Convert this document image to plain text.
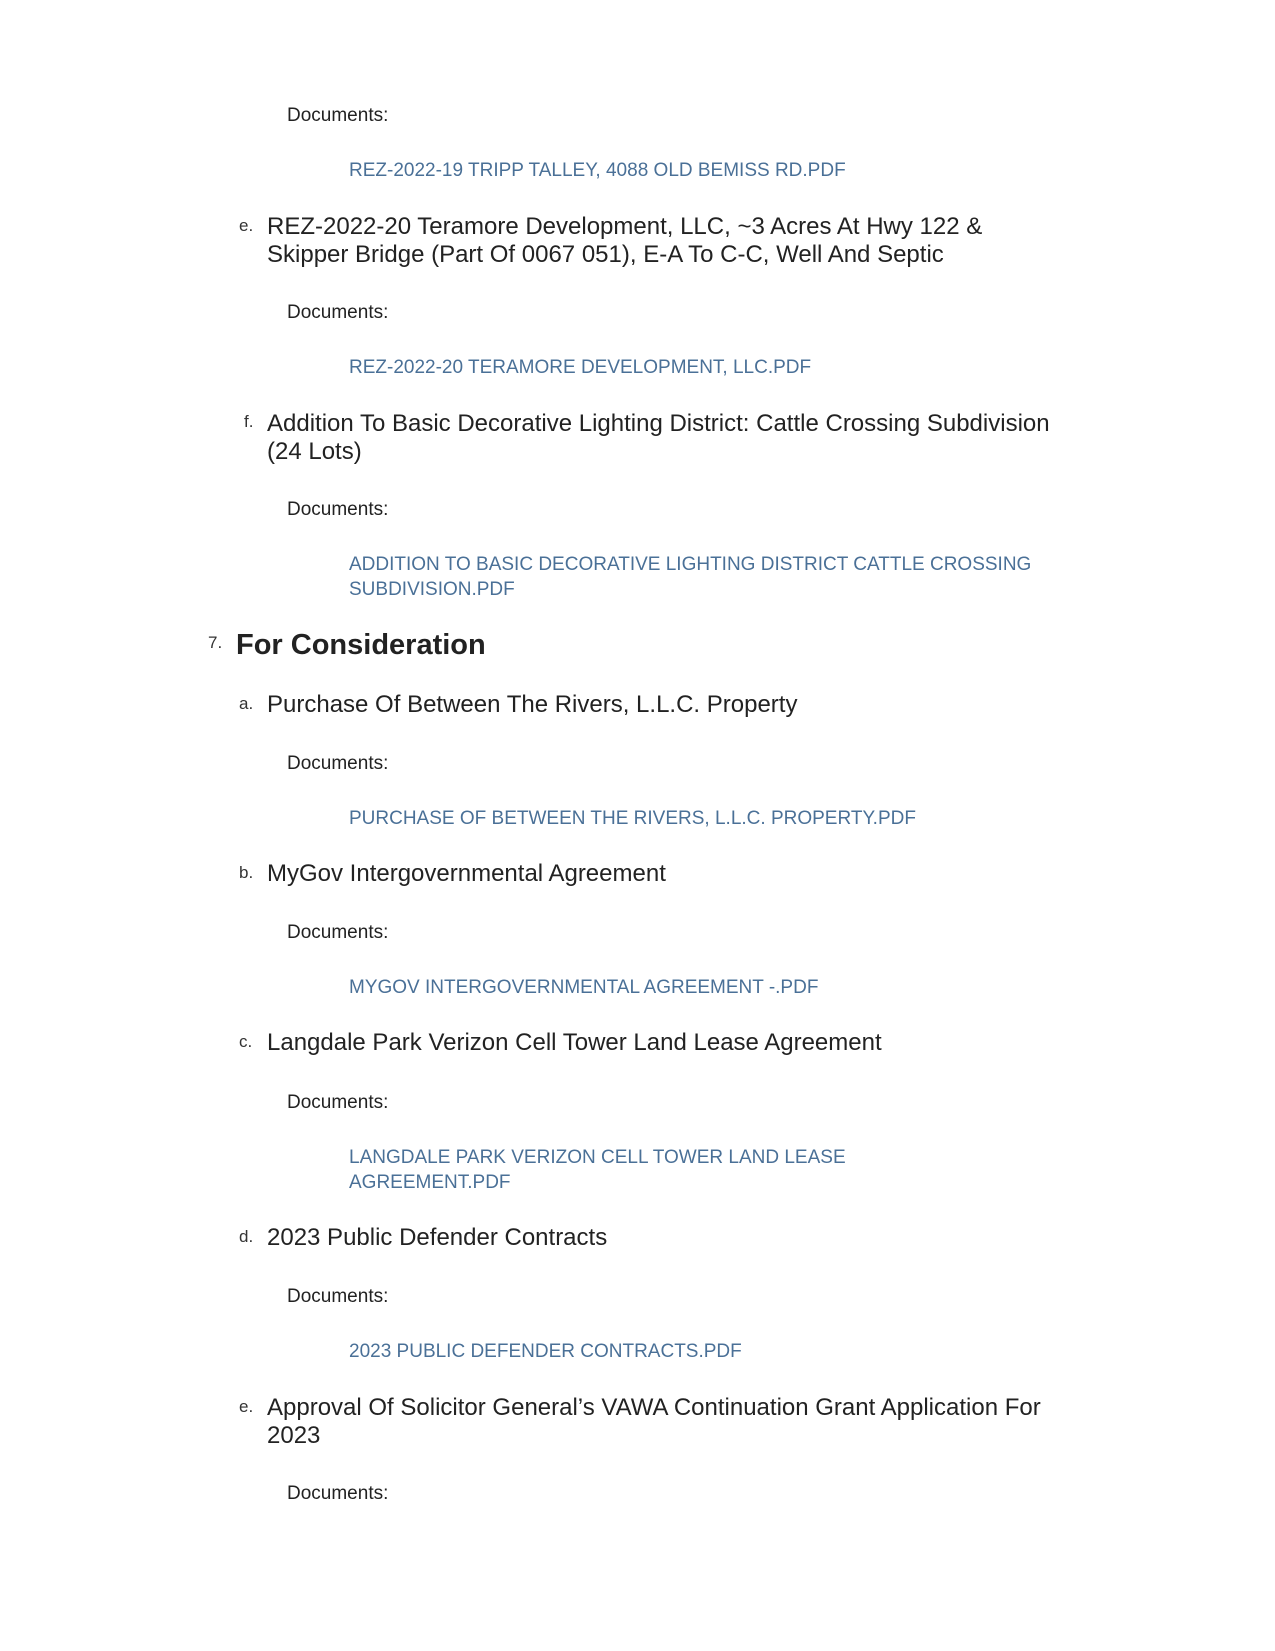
Documents:
REZ-2022-19 TRIPP TALLEY, 4088 OLD BEMISS RD.PDF
e. REZ-2022-20 Teramore Development, LLC, ~3 Acres At Hwy 122 & Skipper Bridge (Part Of 0067 051), E-A To C-C, Well And Septic
Documents:
REZ-2022-20 TERAMORE DEVELOPMENT, LLC.PDF
f. Addition To Basic Decorative Lighting District: Cattle Crossing Subdivision (24 Lots)
Documents:
ADDITION TO BASIC DECORATIVE LIGHTING DISTRICT CATTLE CROSSING SUBDIVISION.PDF
7. For Consideration
a. Purchase Of Between The Rivers, L.L.C. Property
Documents:
PURCHASE OF BETWEEN THE RIVERS, L.L.C. PROPERTY.PDF
b. MyGov Intergovernmental Agreement
Documents:
MYGOV INTERGOVERNMENTAL AGREEMENT -.PDF
c. Langdale Park Verizon Cell Tower Land Lease Agreement
Documents:
LANGDALE PARK VERIZON CELL TOWER LAND LEASE AGREEMENT.PDF
d. 2023 Public Defender Contracts
Documents:
2023 PUBLIC DEFENDER CONTRACTS.PDF
e. Approval Of Solicitor General’s VAWA Continuation Grant Application For 2023
Documents:
